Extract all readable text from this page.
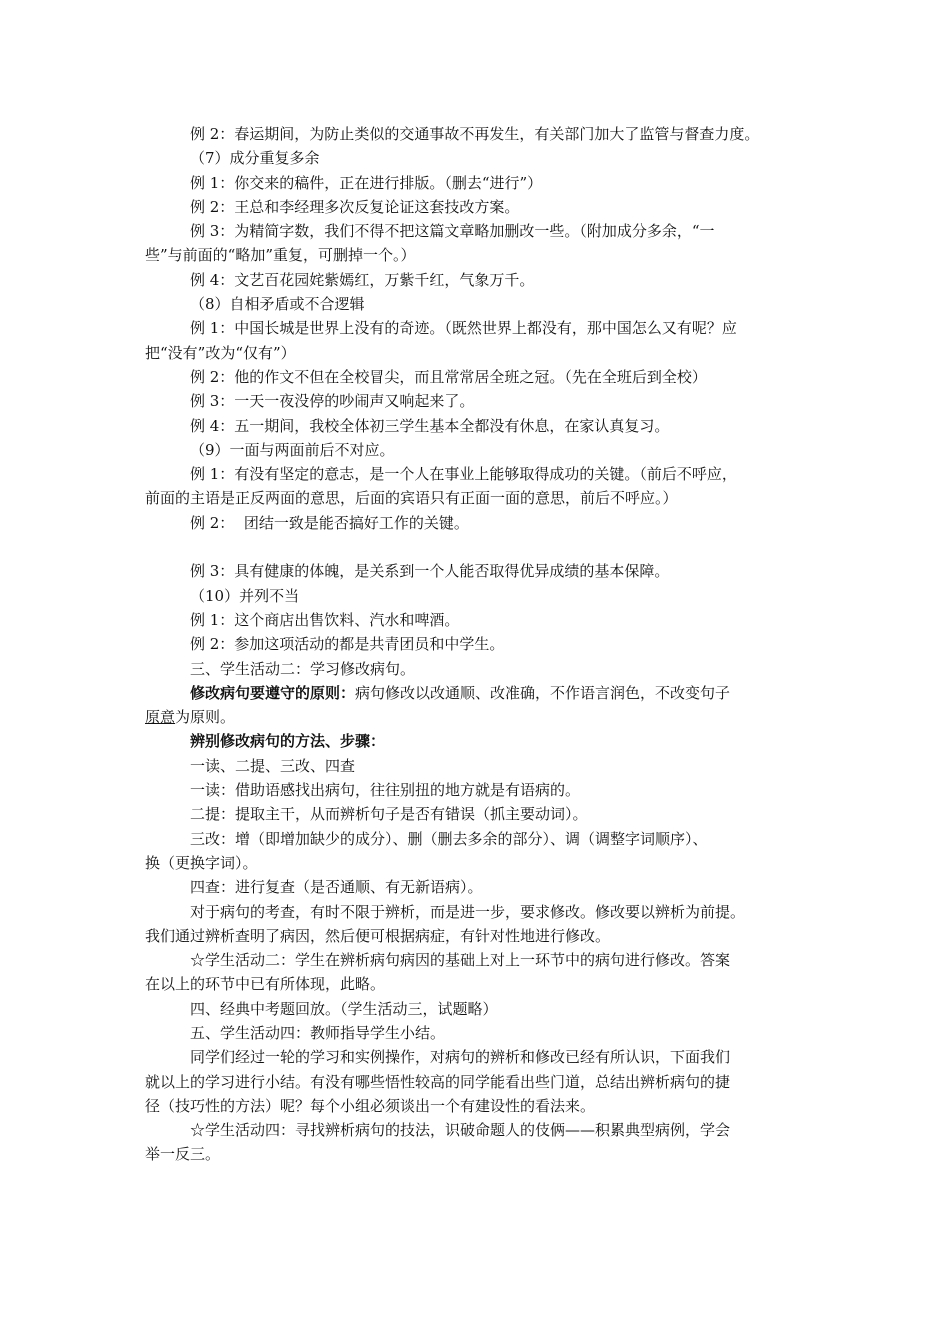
例 2：春运期间，为防止类似的交通事故不再发生，有关部门加大了监管与督查力度。

（7）成分重复多余

例 1：你交来的稿件，正在进行排版。（删去“进行”）

例 2：王总和李经理多次反复论证这套技改方案。

例 3：为精简字数，我们不得不把这篇文章略加删改一些。（附加成分多余，“一

些”与前面的“略加”重复，可删掉一个。）

例 4：文艺百花园姹紫嫣红，万紫千红，气象万千。

（8）自相矛盾或不合逻辑

例 1：中国长城是世界上没有的奇迹。（既然世界上都没有，那中国怎么又有呢？应

把“没有”改为“仅有”）

例 2：他的作文不但在全校冒尖，而且常常居全班之冠。（先在全班后到全校）

例 3：一天一夜没停的吵闹声又响起来了。

例 4：五一期间，我校全体初三学生基本全都没有休息，在家认真复习。

（9）一面与两面前后不对应。

例 1：有没有坚定的意志，是一个人在事业上能够取得成功的关键。（前后不呼应，

前面的主语是正反两面的意思，后面的宾语只有正面一面的意思，前后不呼应。）

例 2：  团结一致是能否搞好工作的关键。

例 3：具有健康的体魄，是关系到一个人能否取得优异成绩的基本保障。

（10）并列不当

例 1：这个商店出售饮料、汽水和啤酒。

例 2：参加这项活动的都是共青团员和中学生。

三、学生活动二：学习修改病句。

修改病句要遵守的原则：病句修改以改通顺、改准确，不作语言润色，不改变句子

原意为原则。

辨别修改病句的方法、步骤：

一读、二提、三改、四查

一读：借助语感找出病句，往往别扭的地方就是有语病的。

二提：提取主干，从而辨析句子是否有错误（抓主要动词）。

三改：增（即增加缺少的成分）、删（删去多余的部分）、调（调整字词顺序）、

换（更换字词）。

四查：进行复查（是否通顺、有无新语病）。

对于病句的考查，有时不限于辨析，而是进一步，要求修改。修改要以辨析为前提。

我们通过辨析查明了病因，然后便可根据病症，有针对性地进行修改。

☆学生活动二：学生在辨析病句病因的基础上对上一环节中的病句进行修改。答案

在以上的环节中已有所体现，此略。

四、经典中考题回放。（学生活动三，试题略）

五、学生活动四：教师指导学生小结。

同学们经过一轮的学习和实例操作，对病句的辨析和修改已经有所认识，下面我们

就以上的学习进行小结。有没有哪些悟性较高的同学能看出些门道，总结出辨析病句的捷

径（技巧性的方法）呢？每个小组必须谈出一个有建设性的看法来。

☆学生活动四：寻找辨析病句的技法，识破命题人的伎俩——积累典型病例，学会

举一反三。
